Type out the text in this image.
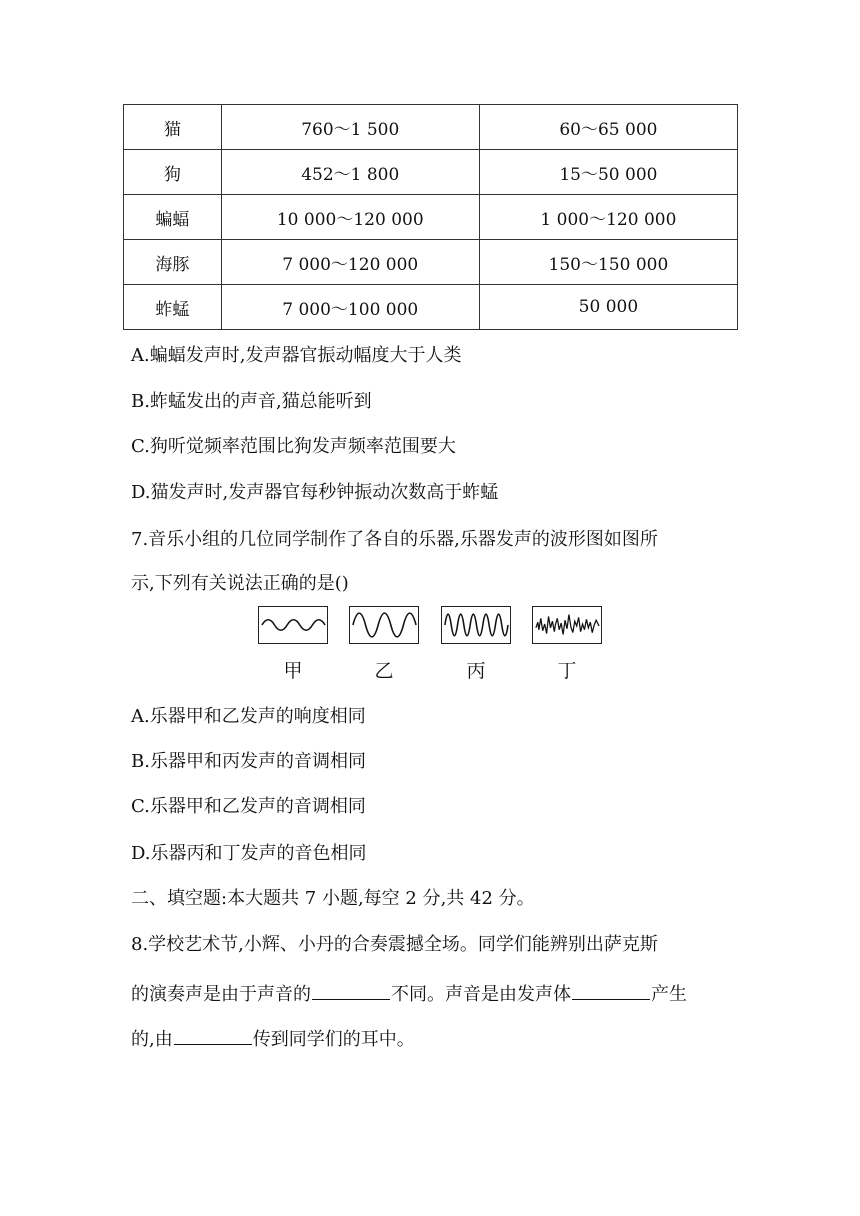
猫	760～1 500	60～65 000
狗	452～1 800	15～50 000
蝙蝠	10 000～120 000	1 000～120 000
海豚	7 000～120 000	150～150 000
蚱蜢	7 000～100 000	50 000
A.蝙蝠发声时,发声器官振动幅度大于人类
B.蚱蜢发出的声音,猫总能听到
C.狗听觉频率范围比狗发声频率范围要大
D.猫发声时,发声器官每秒钟振动次数高于蚱蜢
7.音乐小组的几位同学制作了各自的乐器,乐器发声的波形图如图所
示,下列有关说法正确的是()
甲	乙	丙	丁
A.乐器甲和乙发声的响度相同
B.乐器甲和丙发声的音调相同
C.乐器甲和乙发声的音调相同
D.乐器丙和丁发声的音色相同
二、填空题:本大题共 7 小题,每空 2 分,共 42 分。
8.学校艺术节,小辉、小丹的合奏震撼全场。同学们能辨别出萨克斯
的演奏声是由于声音的	不同。声音是由发声体	产生
的,由	传到同学们的耳中。
